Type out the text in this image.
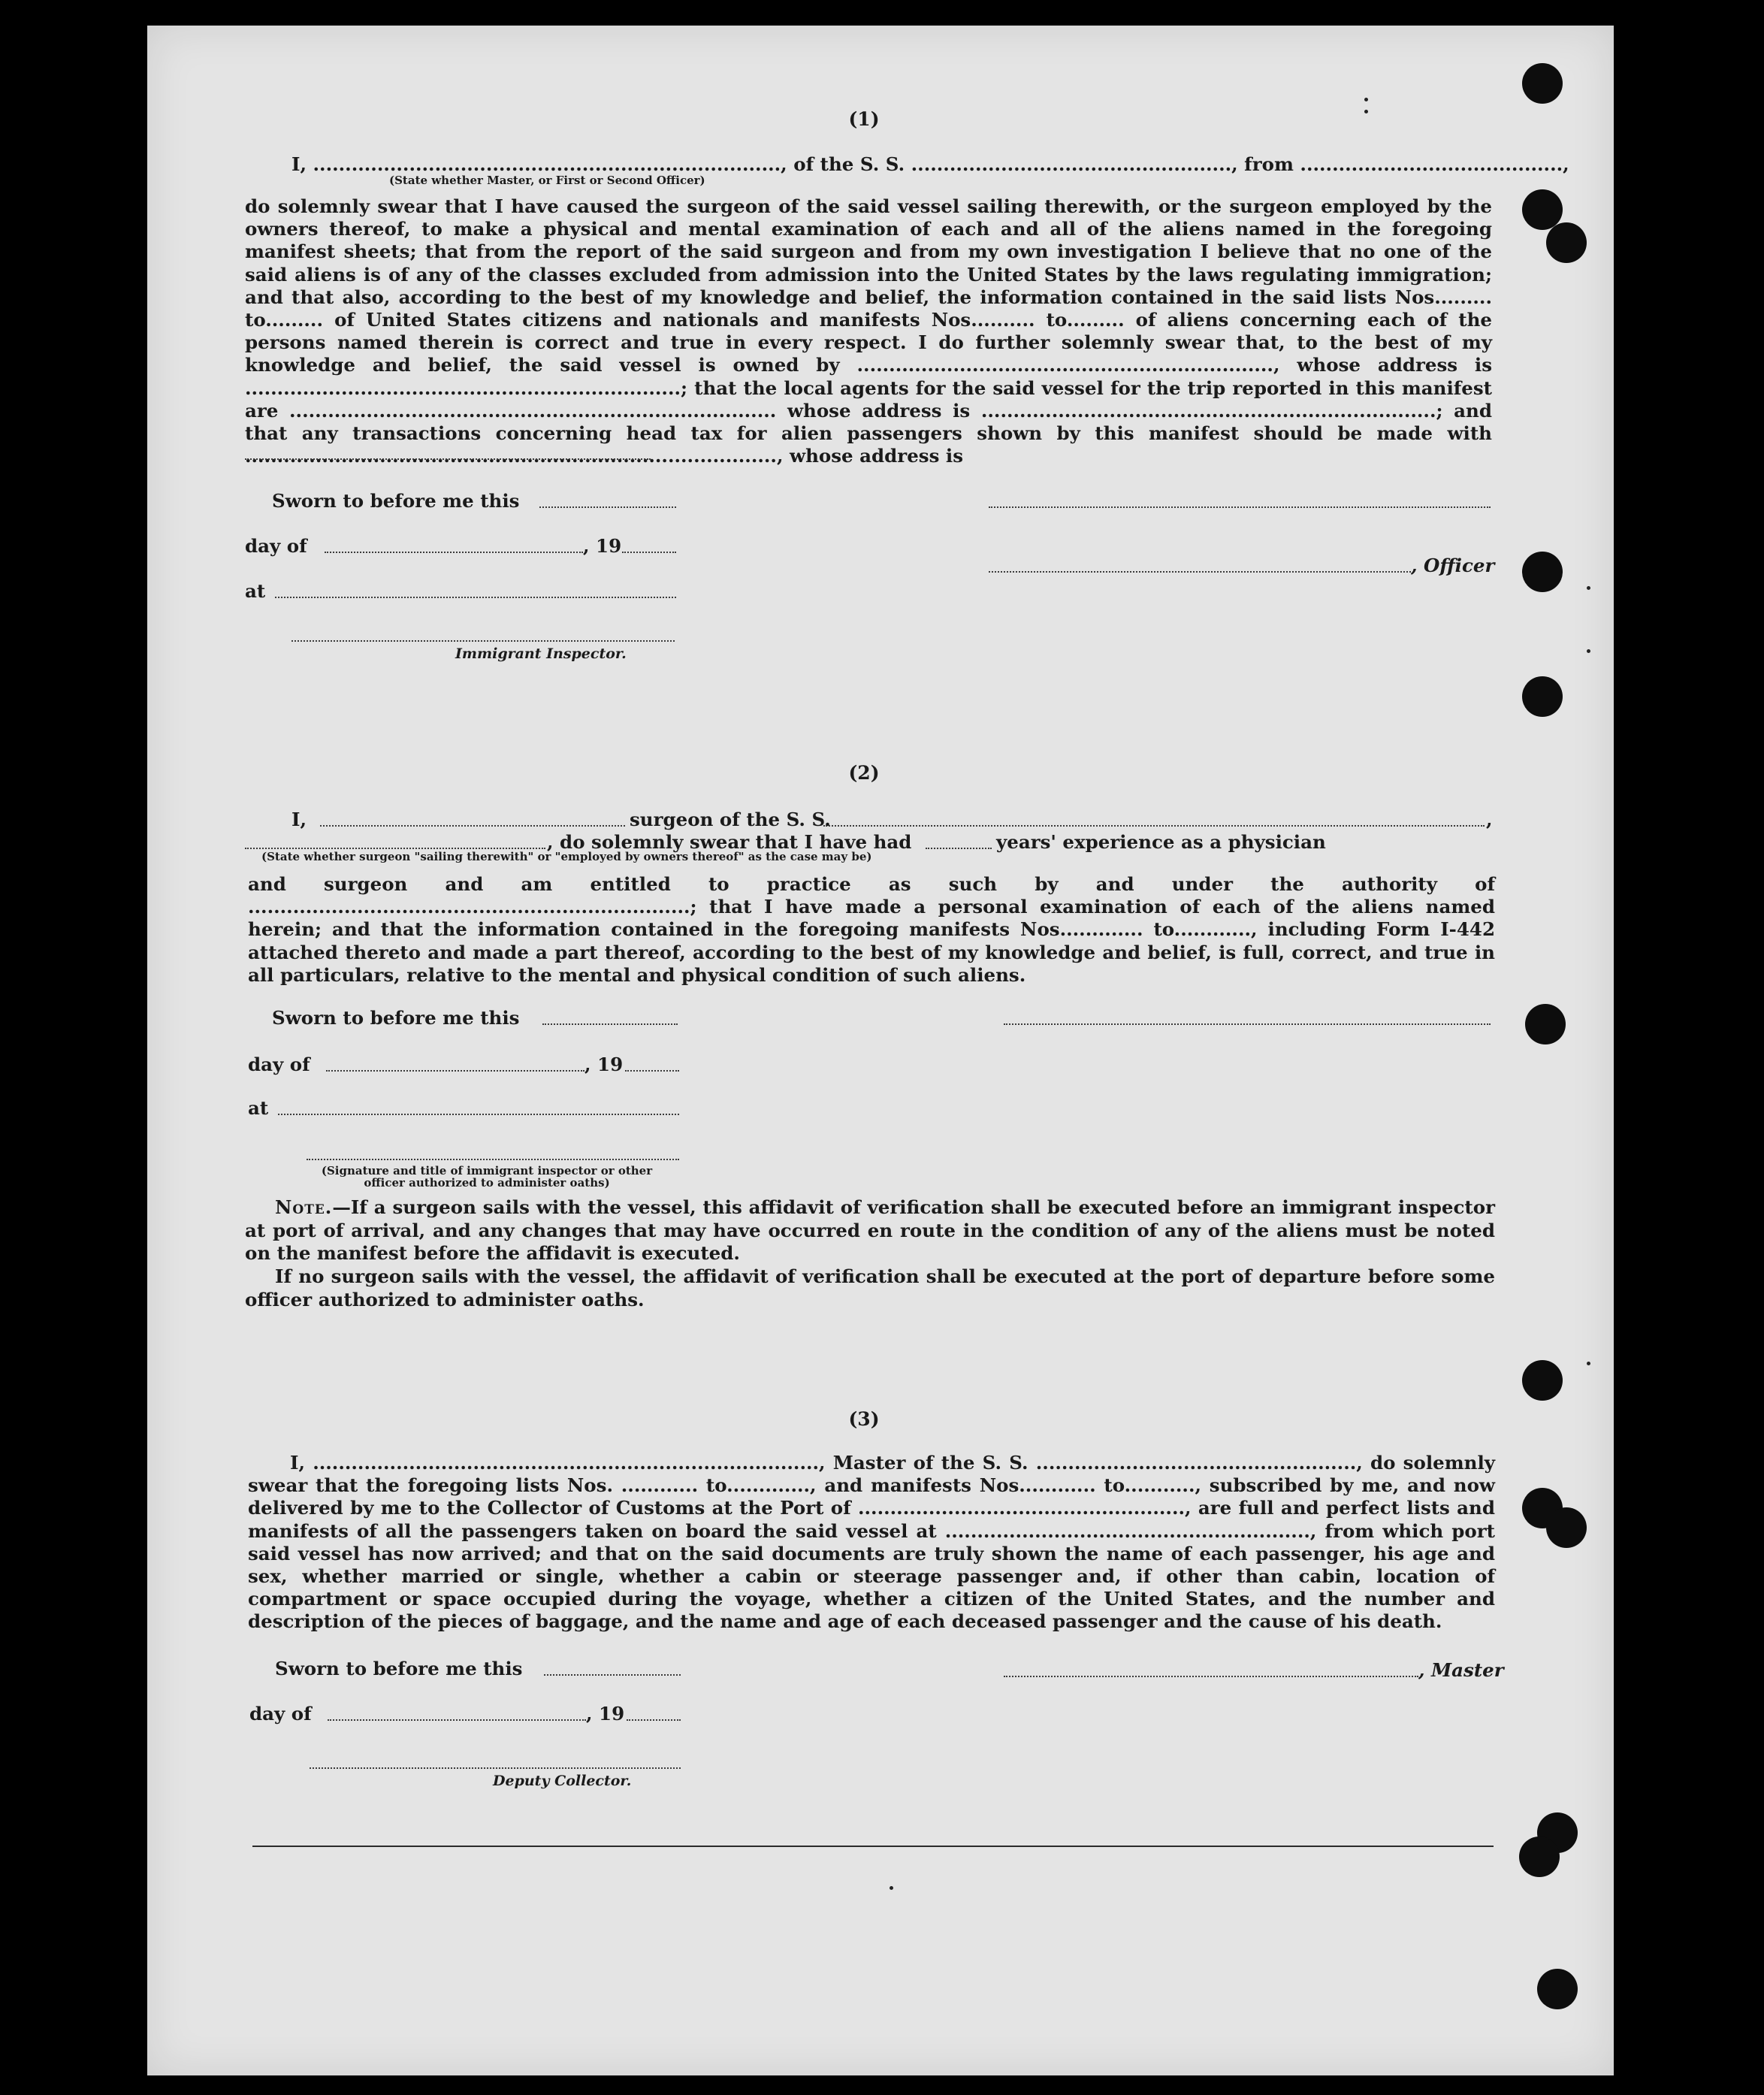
(1)
I, ........................................................................., of the S. S. .................................................., from .........................................,
(State whether Master, or First or Second Officer)
do solemnly swear that I have caused the surgeon of the said vessel sailing therewith, or the surgeon employed by the owners thereof, to make a physical and mental examination of each and all of the aliens named in the foregoing manifest sheets; that from the report of the said surgeon and from my own investigation I believe that no one of the said aliens is of any of the classes excluded from admission into the United States by the laws regulating immigration; and that also, according to the best of my knowledge and belief, the information contained in the said lists Nos......... to......... of United States citizens and nationals and manifests Nos.......... to......... of aliens concerning each of the persons named therein is correct and true in every respect. I do further solemnly swear that, to the best of my knowledge and belief, the said vessel is owned by ................................................................., whose address is ....................................................................; that the local agents for the said vessel for the trip reported in this manifest are ............................................................................ whose address is .......................................................................; and that any transactions concerning head tax for alien passengers shown by this manifest should be made with ..................................................................................., whose address is
Sworn to before me this
day of	, 19
, Officer
at
Immigrant Inspector.
(2)
I,	surgeon of the S. S.	,
, do solemnly swear that I have had	years' experience as a physician
(State whether surgeon "sailing therewith" or "employed by owners thereof" as the case may be)
and surgeon and am entitled to practice as such by and under the authority of .....................................................................; that I have made a personal examination of each of the aliens named herein; and that the information contained in the foregoing manifests Nos............. to............, including Form I-442 attached thereto and made a part thereof, according to the best of my knowledge and belief, is full, correct, and true in all particulars, relative to the mental and physical condition of such aliens.
Sworn to before me this
day of	, 19
at
(Signature and title of immigrant inspector or other officer authorized to administer oaths)
Note.—If a surgeon sails with the vessel, this affidavit of verification shall be executed before an immigrant inspector at port of arrival, and any changes that may have occurred en route in the condition of any of the aliens must be noted on the manifest before the affidavit is executed.
If no surgeon sails with the vessel, the affidavit of verification shall be executed at the port of departure before some officer authorized to administer oaths.
(3)
I, ..............................................................................., Master of the S. S. .................................................., do solemnly swear that the foregoing lists Nos. ............ to............., and manifests Nos............ to..........., subscribed by me, and now delivered by me to the Collector of Customs at the Port of ..................................................., are full and perfect lists and manifests of all the passengers taken on board the said vessel at ........................................................., from which port said vessel has now arrived; and that on the said documents are truly shown the name of each passenger, his age and sex, whether married or single, whether a cabin or steerage passenger and, if other than cabin, location of compartment or space occupied during the voyage, whether a citizen of the United States, and the number and description of the pieces of baggage, and the name and age of each deceased passenger and the cause of his death.
Sworn to before me this	, Master
day of	, 19
Deputy Collector.
